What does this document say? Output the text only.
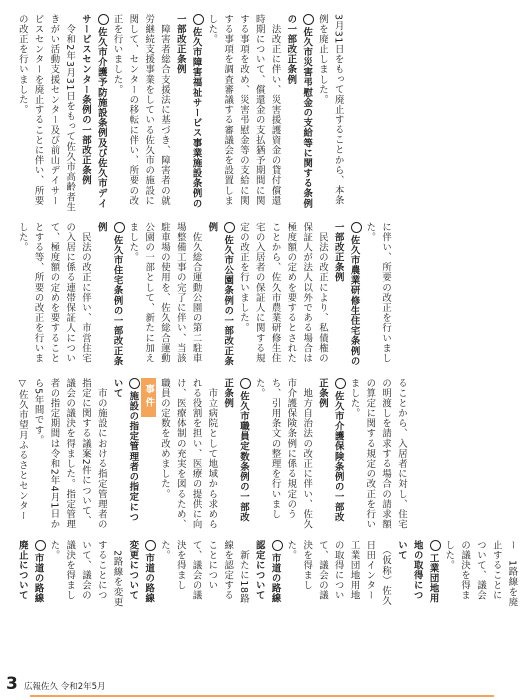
3月31日をもって廃止することから、本条例を廃止しました。
佐久市災害弔慰金の支給等に関する条例の一部改正条例
　法改正に伴い、災害援護資金の貸付償還時期について、償還金の支払猶予期間に関する事項を改め、災害弔慰金等の支給に関する事項を調査審議する審議会を設置しました。
佐久市障害福祉サービス事業施設条例の一部改正条例
　障害者総合支援法に基づき、障害者の就労継続支援事業をしている佐久市の施設に関して、センターの移転に伴い、所要の改正を行いました。
佐久市介護予防施設条例及び佐久市デイサービスセンター条例の一部改正条例
　令和2年3月31日をもって佐久市高齢者生きがい活動支援センター及び前山デイサービスセンターを廃止することに伴い、所要の改正を行いました。

に伴い、所要の改正を行いました。
佐久市農業研修生住宅条例の一部改正条例
　民法の改正により、私債権の保証人が法人以外である場合は極度額の定めを要するとされたことから、佐久市農業研修生住宅の入居者の保証人に関する規定の改正を行いました。
佐久市公園条例の一部改正条例
　佐久総合運動公園の第二駐車場整備工事の完了に伴い、当該駐車場の使用を、佐久総合運動公園の一部として、新たに加えました。
佐久市住宅条例の一部改正条例
　民法の改正に伴い、市営住宅の入居に係る連帯保証人について、極度額の定めを要することとする等、所要の改正を行いました。

ることから、入居者に対し、住宅の明渡しを請求する場合の請求額の算定に関する規定の改正を行いました。
佐久市介護保険条例の一部改正条例
　地方自治法の改正に伴い、佐久市介護保険条例に係る規定のうち、引用条文の整理を行いました。
佐久市職員定数条例の一部改正条例
　市立病院として地域から求められる役割を担い、医療の提供に向け、医療体制の充実を図るため、職員の定数を改めました。
事件
施設の指定管理者の指定について
　市の施設における指定管理者の指定に関する議案2件について、議会の議決を得ました。指定管理者の指定期間は令和2年4月1日から5年間です。
▽佐久市望月ふるさとセンター

ー　1路線を廃止することについて、議会の議決を得ました。
工業団地用地の取得について
　（仮称）佐久日田インター工業団地用地の取得について、議会の議決を得ました。
市道の路線認定について
　新たに18路線を認定することについて、議会の議決を得ました。
市道の路線変更について
　2路線を変更することについて、議会の議決を得ました。
市道の路線廃止について

3 広報佐久 令和2年5月
